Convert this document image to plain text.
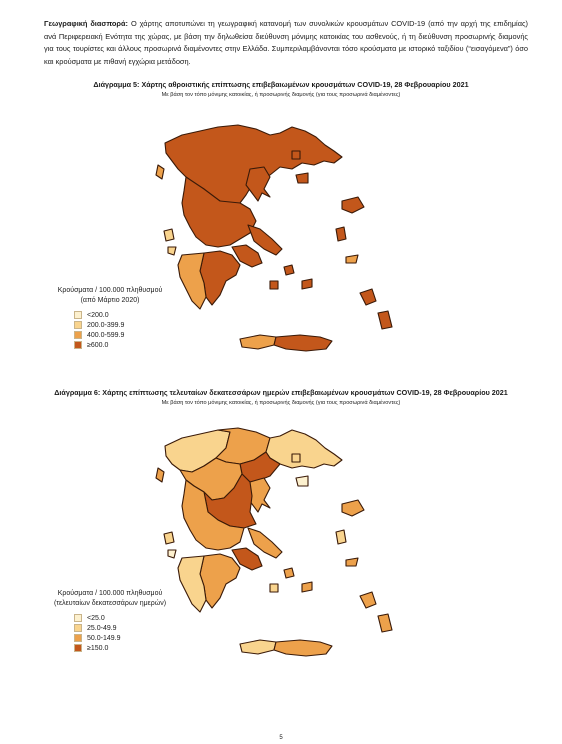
Γεωγραφική διασπορά: Ο χάρτης αποτυπώνει τη γεωγραφική κατανομή των συνολικών κρουσμάτων COVID-19 (από την αρχή της επιδημίας) ανά Περιφερειακή Ενότητα της χώρας, με βάση την δηλωθείσα διεύθυνση μόνιμης κατοικίας του ασθενούς, ή τη διεύθυνση προσωρινής διαμονής για τους τουρίστες και άλλους προσωρινά διαμένοντες στην Ελλάδα. Συμπεριλαμβάνονται τόσο κρούσματα με ιστορικό ταξιδίου (“εισαγόμενα”) όσο και κρούσματα με πιθανή εγχώρια μετάδοση.
Διάγραμμα 5: Χάρτης αθροιστικής επίπτωσης επιβεβαιωμένων κρουσμάτων COVID-19, 28 Φεβρουαρίου 2021
Με βάση τον τόπο μόνιμης κατοικίας, ή προσωρινής διαμονής (για τους προσωρινά διαμένοντες)
Κρούσματα / 100.000 πληθυσμού
(από Μάρτιο 2020)
<200.0
200.0-399.9
400.0-599.9
≥600.0
Διάγραμμα 6: Χάρτης επίπτωσης τελευταίων δεκατεσσάρων ημερών επιβεβαιωμένων κρουσμάτων COVID-19, 28 Φεβρουαρίου 2021
Με βάση τον τόπο μόνιμης κατοικίας, ή προσωρινής διαμονής (για τους προσωρινά διαμένοντες)
Κρούσματα / 100.000 πληθυσμού
(τελευταίων δεκατεσσάρων ημερών)
<25.0
25.0-49.9
50.0-149.9
≥150.0
5
